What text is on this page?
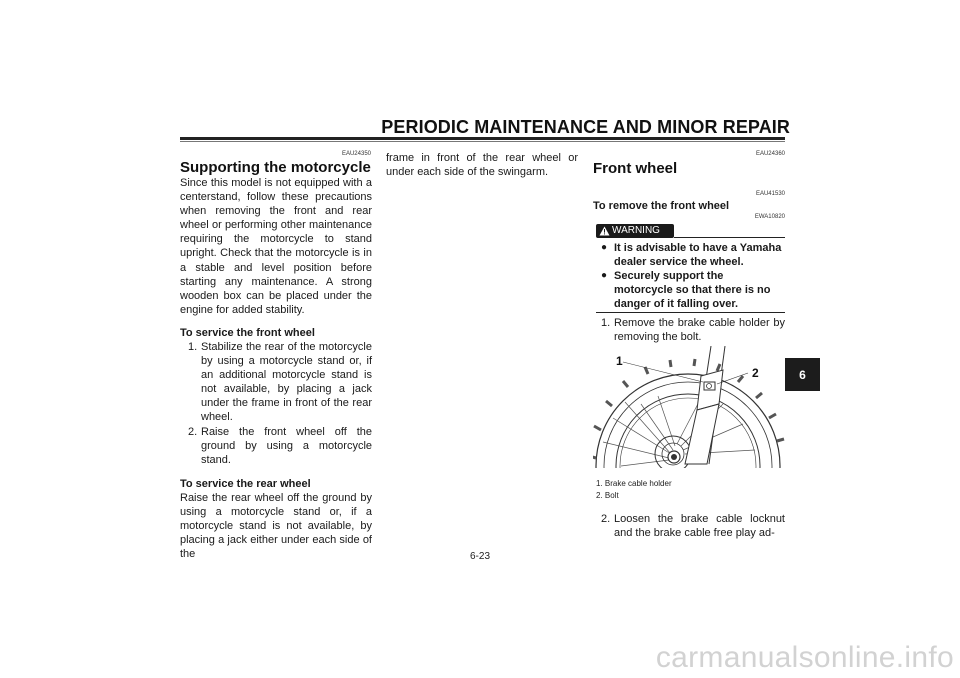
PERIODIC MAINTENANCE AND MINOR REPAIR
EAU24350
Supporting the motorcycle
Since this model is not equipped with a centerstand, follow these precautions when removing the front and rear wheel or performing other maintenance requiring the motorcycle to stand upright. Check that the motorcycle is in a stable and level position before starting any maintenance. A strong wooden box can be placed under the engine for added stability.
To service the front wheel
1. Stabilize the rear of the motorcycle by using a motorcycle stand or, if an additional motorcycle stand is not available, by placing a jack under the frame in front of the rear wheel.
2. Raise the front wheel off the ground by using a motorcycle stand.
To service the rear wheel
Raise the rear wheel off the ground by using a motorcycle stand or, if a motorcycle stand is not available, by placing a jack either under each side of the
frame in front of the rear wheel or under each side of the swingarm.
EAU24360
Front wheel
EAU41530
To remove the front wheel
EWA10820
WARNING
● It is advisable to have a Yamaha dealer service the wheel.
● Securely support the motorcycle so that there is no danger of it falling over.
1. Remove the brake cable holder by removing the bolt.
1
2
1. Brake cable holder
2. Bolt
2. Loosen the brake cable locknut and the brake cable free play ad-
6
6-23
carmanualsonline.info
